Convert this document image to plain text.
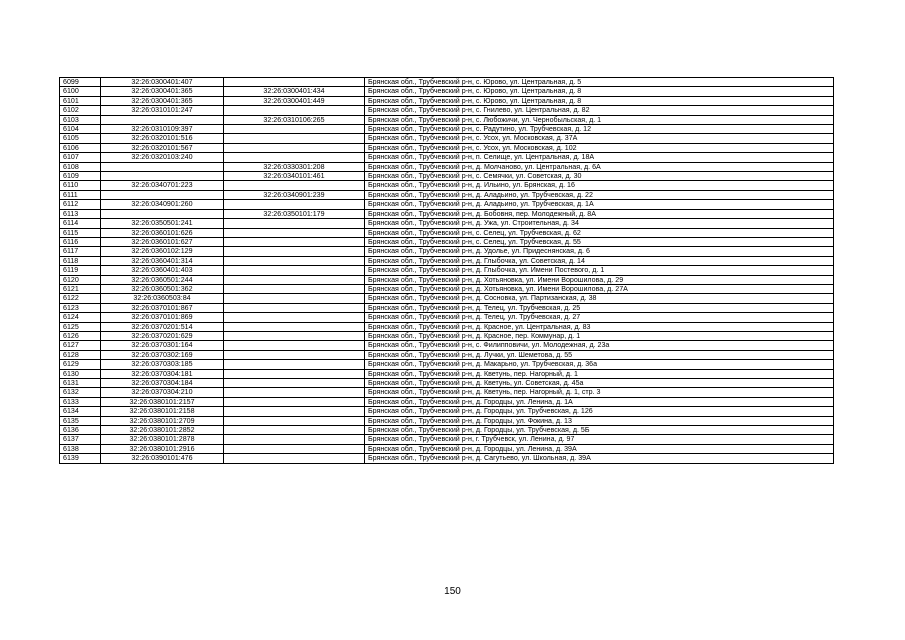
6099	32:26:0300401:407		Брянская обл., Трубчевский р-н, с. Юрово, ул. Центральная, д. 5
6100	32:26:0300401:365	32:26:0300401:434	Брянская обл., Трубчевский р-н, с. Юрово, ул. Центральная, д. 8
6101	32:26:0300401:365	32:26:0300401:449	Брянская обл., Трубчевский р-н, с. Юрово, ул. Центральная, д. 8
6102	32:26:0310101:247		Брянская обл., Трубчевский р-н, с. Гнилево, ул. Центральная, д. 82
6103		32:26:0310106:265	Брянская обл., Трубчевский р-н, с. Любожичи, ул. Чернобыльская, д. 1
6104	32:26:0310109:397		Брянская обл., Трубчевский р-н, с. Радутино, ул. Трубчевская, д. 12
6105	32:26:0320101:516		Брянская обл., Трубчевский р-н, с. Усох, ул. Московская, д. 37А
6106	32:26:0320101:567		Брянская обл., Трубчевский р-н, с. Усох, ул. Московская, д. 102
6107	32:26:0320103:240		Брянская обл., Трубчевский р-н, п. Селище, ул. Центральная, д. 18А
6108		32:26:0330301:208	Брянская обл., Трубчевский р-н, д. Молчаново, ул. Центральная, д. 6А
6109		32:26:0340101:461	Брянская обл., Трубчевский р-н, с. Семячки, ул. Советская, д. 30
6110	32:26:0340701:223		Брянская обл., Трубчевский р-н, д. Ильино, ул. Брянская, д. 16
6111		32:26:0340901:239	Брянская обл., Трубчевский р-н, д. Аладьино, ул. Трубчевская, д. 22
6112	32:26:0340901:260		Брянская обл., Трубчевский р-н, д. Аладьино, ул. Трубчевская, д. 1А
6113		32:26:0350101:179	Брянская обл., Трубчевский р-н, д. Бобовня, пер. Молодежный, д. 8А
6114	32:26:0350501:241		Брянская обл., Трубчевский р-н, д. Ужа, ул. Строительная, д. 34
6115	32:26:0360101:626		Брянская обл., Трубчевский р-н, с. Селец, ул. Трубчевская, д. 62
6116	32:26:0360101:627		Брянская обл., Трубчевский р-н, с. Селец, ул. Трубчевская, д. 55
6117	32:26:0360102:129		Брянская обл., Трубчевский р-н, д. Удолье, ул. Придеснянская, д. 6
6118	32:26:0360401:314		Брянская обл., Трубчевский р-н, д. Глыбочка, ул. Советская, д. 14
6119	32:26:0360401:403		Брянская обл., Трубчевский р-н, д. Глыбочка, ул. Имени Постевого, д. 1
6120	32:26:0360501:244		Брянская обл., Трубчевский р-н, д. Хотьяновка, ул. Имени Ворошилова, д. 29
6121	32:26:0360501:362		Брянская обл., Трубчевский р-н, д. Хотьяновка, ул. Имени Ворошилова, д. 27А
6122	32:26:0360503:84		Брянская обл., Трубчевский р-н, д. Сосновка, ул. Партизанская, д. 38
6123	32:26:0370101:867		Брянская обл., Трубчевский р-н, д. Телец, ул. Трубчевская, д. 25
6124	32:26:0370101:869		Брянская обл., Трубчевский р-н, д. Телец, ул. Трубчевская, д. 27
6125	32:26:0370201:514		Брянская обл., Трубчевский р-н, д. Красное, ул. Центральная, д. 83
6126	32:26:0370201:629		Брянская обл., Трубчевский р-н, д. Красное, пер. Коммунар, д. 1
6127	32:26:0370301:164		Брянская обл., Трубчевский р-н, с. Филипповичи, ул. Молодежная, д. 23а
6128	32:26:0370302:169		Брянская обл., Трубчевский р-н, д. Лучки, ул. Шеметова, д. 55
6129	32:26:0370303:185		Брянская обл., Трубчевский р-н, д. Макарьно, ул. Трубчевская, д. 36а
6130	32:26:0370304:181		Брянская обл., Трубчевский р-н, д. Кветунь, пер. Нагорный, д. 1
6131	32:26:0370304:184		Брянская обл., Трубчевский р-н, д. Кветунь, ул. Советская, д. 45а
6132	32:26:0370304:210		Брянская обл., Трубчевский р-н, д. Кветунь, пер. Нагорный, д. 1, стр. 3
6133	32:26:0380101:2157		Брянская обл., Трубчевский р-н, д. Городцы, ул. Ленина, д. 1А
6134	32:26:0380101:2158		Брянская обл., Трубчевский р-н, д. Городцы, ул. Трубчевская, д. 126
6135	32:26:0380101:2709		Брянская обл., Трубчевский р-н, д. Городцы, ул. Фокина, д. 13
6136	32:26:0380101:2852		Брянская обл., Трубчевский р-н, д. Городцы, ул. Трубчевская, д. 5Б
6137	32:26:0380101:2878		Брянская обл., Трубчевский р-н, г. Трубчевск, ул. Ленина, д. 97
6138	32:26:0380101:2916		Брянская обл., Трубчевский р-н, д. Городцы, ул. Ленина, д. 39А
6139	32:26:0390101:476		Брянская обл., Трубчевский р-н, д. Сагутьево, ул. Школьная, д. 39А
150
